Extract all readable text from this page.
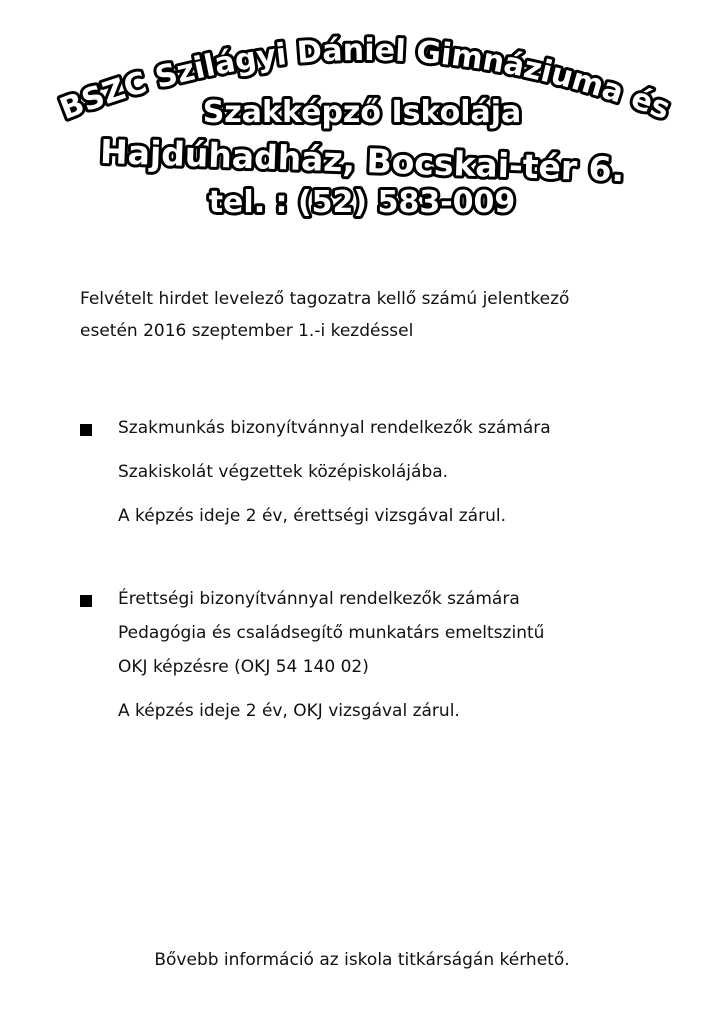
BSZC Szilágyi Dániel Gimnáziuma és
Szakképző Iskolája
Hajdúhadház, Bocskai-tér 6.
tel. : (52) 583-009
Felvételt hirdet levelező tagozatra kellő számú jelentkező
esetén 2016 szeptember 1.-i kezdéssel
Szakmunkás bizonyítvánnyal rendelkezők számára
Szakiskolát végzettek középiskolájába.
A képzés ideje 2 év, érettségi vizsgával zárul.
Érettségi bizonyítvánnyal rendelkezők számára
Pedagógia és családsegítő munkatárs emeltszintű
OKJ képzésre (OKJ 54 140 02)
A képzés ideje 2 év, OKJ vizsgával zárul.
Bővebb információ az iskola titkárságán kérhető.
